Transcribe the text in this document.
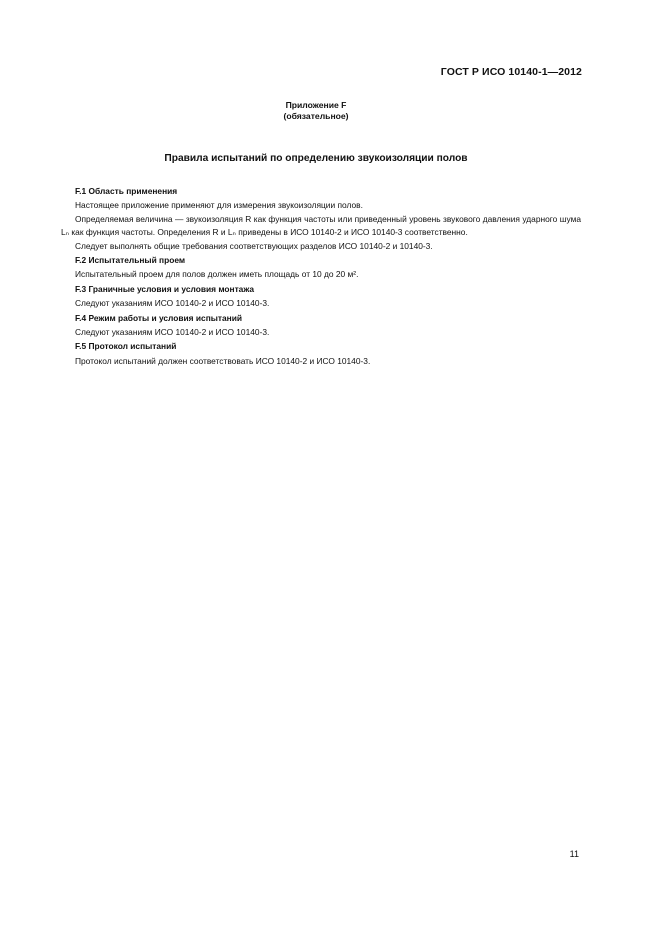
ГОСТ Р ИСО 10140-1—2012
Приложение F
(обязательное)
Правила испытаний по определению звукоизоляции полов
F.1 Область применения

Настоящее приложение применяют для измерения звукоизоляции полов.

Определяемая величина — звукоизоляция R как функция частоты или приведенный уровень звукового давления ударного шума Lₙ как функция частоты. Определения R и Lₙ приведены в ИСО 10140-2 и ИСО 10140-3 соответственно.

Следует выполнять общие требования соответствующих разделов ИСО 10140-2 и 10140-3.

F.2 Испытательный проем

Испытательный проем для полов должен иметь площадь от 10 до 20 м².

F.3 Граничные условия и условия монтажа

Следуют указаниям ИСО 10140-2 и ИСО 10140-3.

F.4 Режим работы и условия испытаний

Следуют указаниям ИСО 10140-2 и ИСО 10140-3.

F.5 Протокол испытаний

Протокол испытаний должен соответствовать ИСО 10140-2 и ИСО 10140-3.

11
